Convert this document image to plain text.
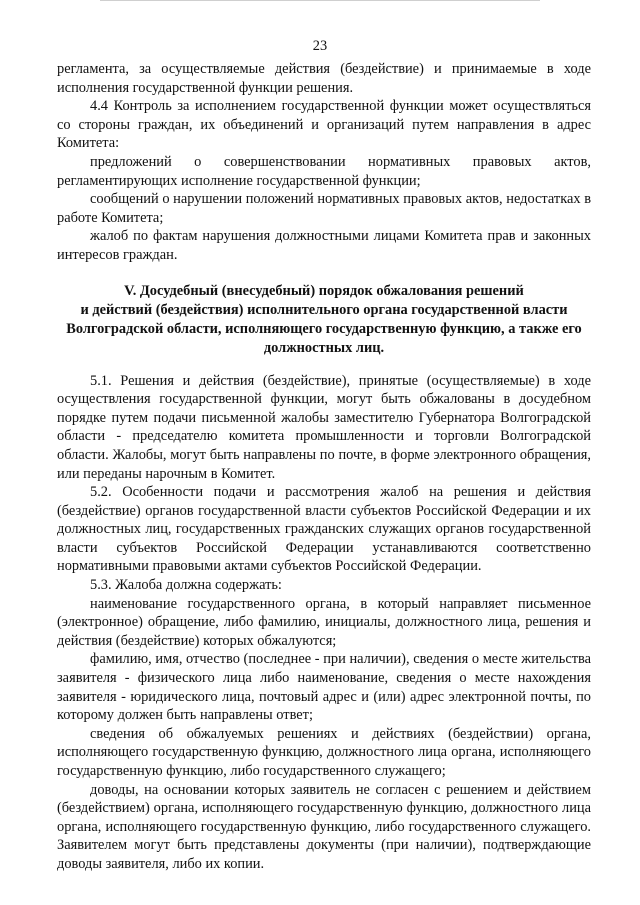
23

регламента, за осуществляемые действия (бездействие) и принимаемые в ходе исполнения государственной функции решения.

4.4 Контроль за исполнением государственной функции может осуществляться со стороны граждан, их объединений и организаций путем направления в адрес Комитета:

предложений о совершенствовании нормативных правовых актов, регламентирующих исполнение государственной функции;

сообщений о нарушении положений нормативных правовых актов, недостатках в работе Комитета;

жалоб по фактам нарушения должностными лицами Комитета прав и законных интересов граждан.

V. Досудебный (внесудебный) порядок обжалования решений
и действий (бездействия) исполнительного органа государственной власти
Волгоградской области, исполняющего государственную функцию, а также его
должностных лиц.

5.1. Решения и действия (бездействие), принятые (осуществляемые) в ходе осуществления государственной функции, могут быть обжалованы в досудебном порядке путем подачи письменной жалобы заместителю Губернатора Волгоградской области - председателю комитета промышленности и торговли Волгоградской области. Жалобы, могут быть направлены по почте, в форме электронного обращения, или переданы нарочным в Комитет.

5.2. Особенности подачи и рассмотрения жалоб на решения и действия (бездействие) органов государственной власти субъектов Российской Федерации и их должностных лиц, государственных гражданских служащих органов государственной власти субъектов Российской Федерации устанавливаются соответственно нормативными правовыми актами субъектов Российской Федерации.

5.3. Жалоба должна содержать:

наименование государственного органа, в который направляет письменное (электронное) обращение, либо фамилию, инициалы, должностного лица, решения и действия (бездействие) которых обжалуются;

фамилию, имя, отчество (последнее - при наличии), сведения о месте жительства заявителя - физического лица либо наименование, сведения о месте нахождения заявителя - юридического лица, почтовый адрес и (или) адрес электронной почты, по которому должен быть направлены ответ;

сведения об обжалуемых решениях и действиях (бездействии) органа, исполняющего государственную функцию, должностного лица органа, исполняющего государственную функцию, либо государственного служащего;

доводы, на основании которых заявитель не согласен с решением и действием (бездействием) органа, исполняющего государственную функцию, должностного лица органа, исполняющего государственную функцию, либо государственного служащего. Заявителем могут быть представлены документы (при наличии), подтверждающие доводы заявителя, либо их копии.
